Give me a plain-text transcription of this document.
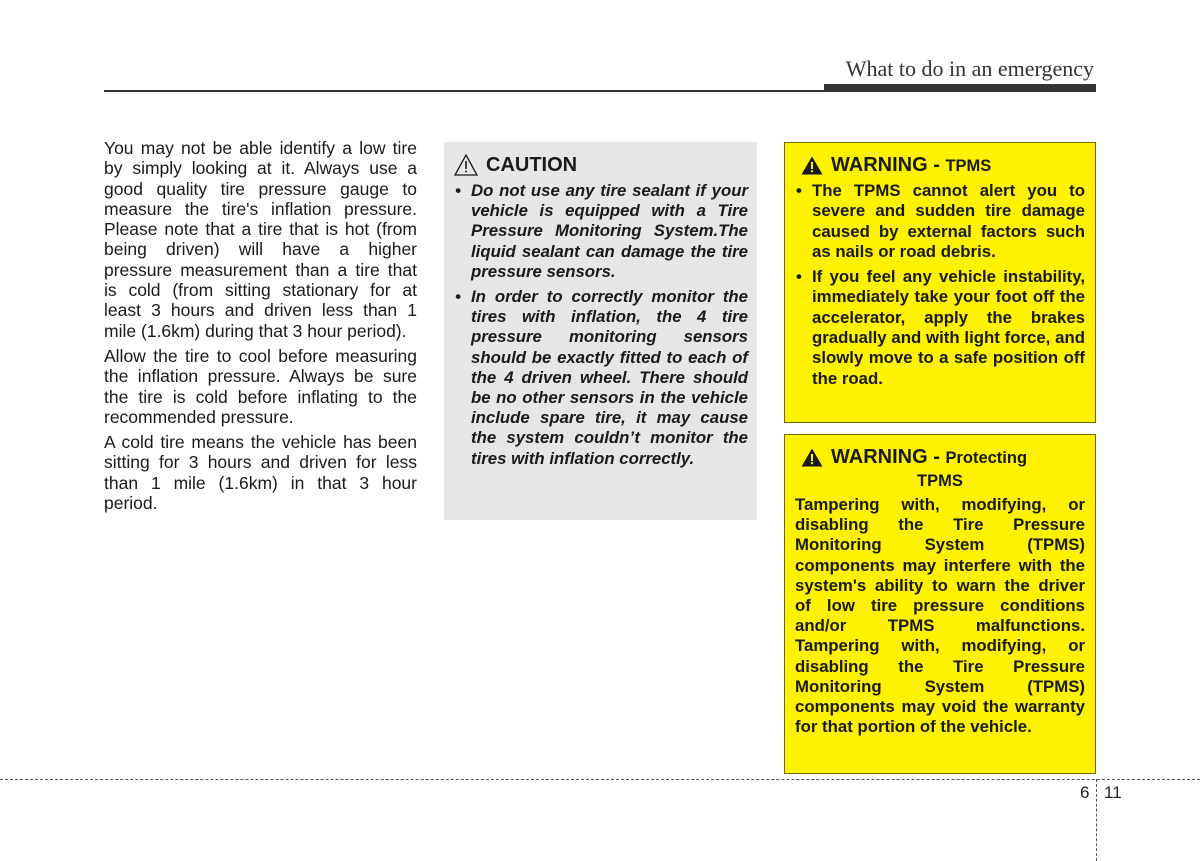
What to do in an emergency

You may not be able identify a low tire by simply looking at it. Always use a good quality tire pressure gauge to measure the tire's inflation pressure. Please note that a tire that is hot (from being driven) will have a higher pressure measurement than a tire that is cold (from sitting stationary for at least 3 hours and driven less than 1 mile (1.6km) during that 3 hour period).

Allow the tire to cool before measuring the inflation pressure. Always be sure the tire is cold before inflating to the recommended pressure.

A cold tire means the vehicle has been sitting for 3 hours and driven for less than 1 mile (1.6km) in that 3 hour period.

CAUTION
• Do not use any tire sealant if your vehicle is equipped with a Tire Pressure Monitoring System.The liquid sealant can damage the tire pressure sensors.
• In order to correctly monitor the tires with inflation, the 4 tire pressure monitoring sensors should be exactly fitted to each of the 4 driven wheel. There should be no other sensors in the vehicle include spare tire, it may cause the system couldn’t monitor the tires with inflation correctly.
WARNING - TPMS
• The TPMS cannot alert you to severe and sudden tire damage caused by external factors such as nails or road debris.
• If you feel any vehicle instability, immediately take your foot off the accelerator, apply the brakes gradually and with light force, and slowly move to a safe position off the road.
WARNING - Protecting
TPMS
Tampering with, modifying, or disabling the Tire Pressure Monitoring System (TPMS) components may interfere with the system's ability to warn the driver of low tire pressure conditions and/or TPMS malfunctions. Tampering with, modifying, or disabling the Tire Pressure Monitoring System (TPMS) components may void the warranty for that portion of the vehicle.
6 11
